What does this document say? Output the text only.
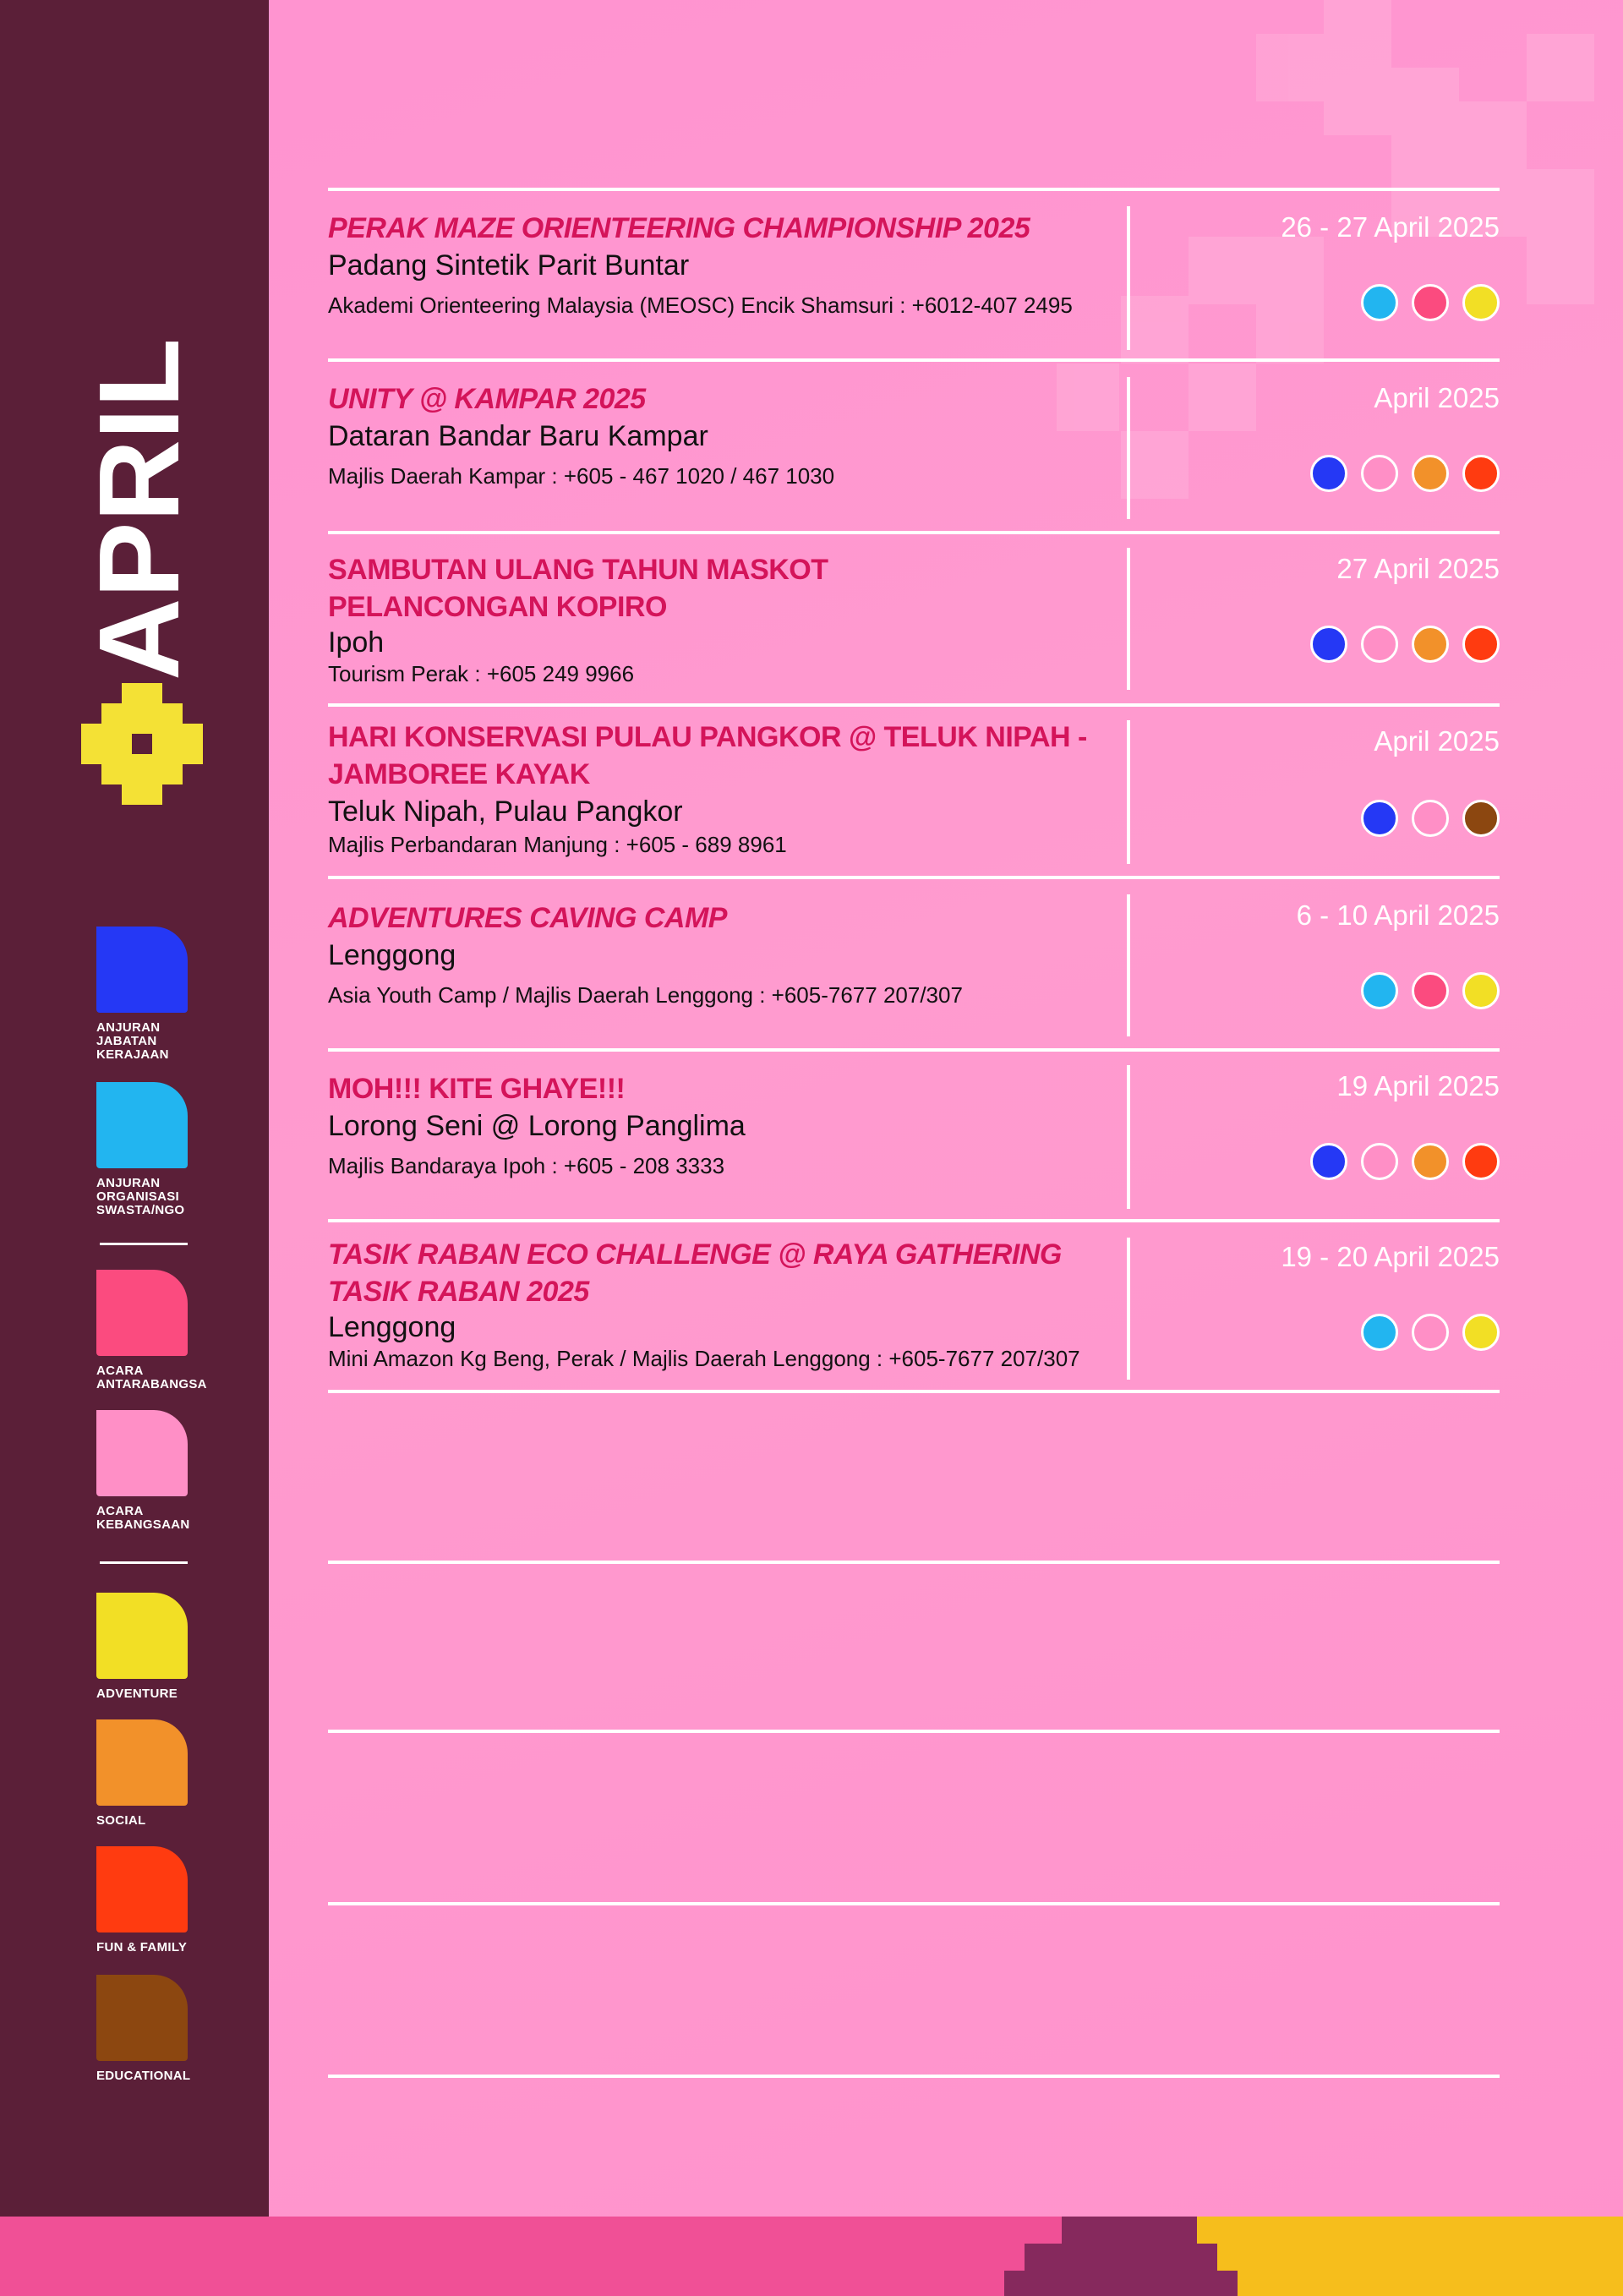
APRIL
ANJURAN
JABATAN
KERAJAAN
ANJURAN
ORGANISASI
SWASTA/NGO
ACARA
ANTARABANGSA
ACARA
KEBANGSAAN
ADVENTURE
SOCIAL
FUN & FAMILY
EDUCATIONAL
PERAK MAZE ORIENTEERING CHAMPIONSHIP 2025
Padang Sintetik Parit Buntar
Akademi Orienteering Malaysia (MEOSC) Encik Shamsuri : +6012-407 2495
26 - 27 April 2025
UNITY @ KAMPAR 2025
Dataran Bandar Baru Kampar
Majlis Daerah Kampar : +605 - 467 1020 / 467 1030
April 2025
SAMBUTAN ULANG TAHUN MASKOT PELANCONGAN KOPIRO
Ipoh
Tourism Perak : +605 249 9966
27 April 2025
HARI KONSERVASI PULAU PANGKOR @ TELUK NIPAH - JAMBOREE KAYAK
Teluk Nipah, Pulau Pangkor
Majlis Perbandaran Manjung : +605 - 689 8961
April 2025
ADVENTURES CAVING CAMP
Lenggong
Asia Youth Camp / Majlis Daerah Lenggong : +605-7677 207/307
6 - 10 April 2025
MOH!!! KITE GHAYE!!!
Lorong Seni @ Lorong Panglima
Majlis Bandaraya Ipoh : +605 - 208 3333
19 April 2025
TASIK RABAN ECO CHALLENGE @ RAYA GATHERING TASIK RABAN 2025
Lenggong
Mini Amazon Kg Beng, Perak / Majlis Daerah Lenggong : +605-7677 207/307
19 - 20 April 2025
